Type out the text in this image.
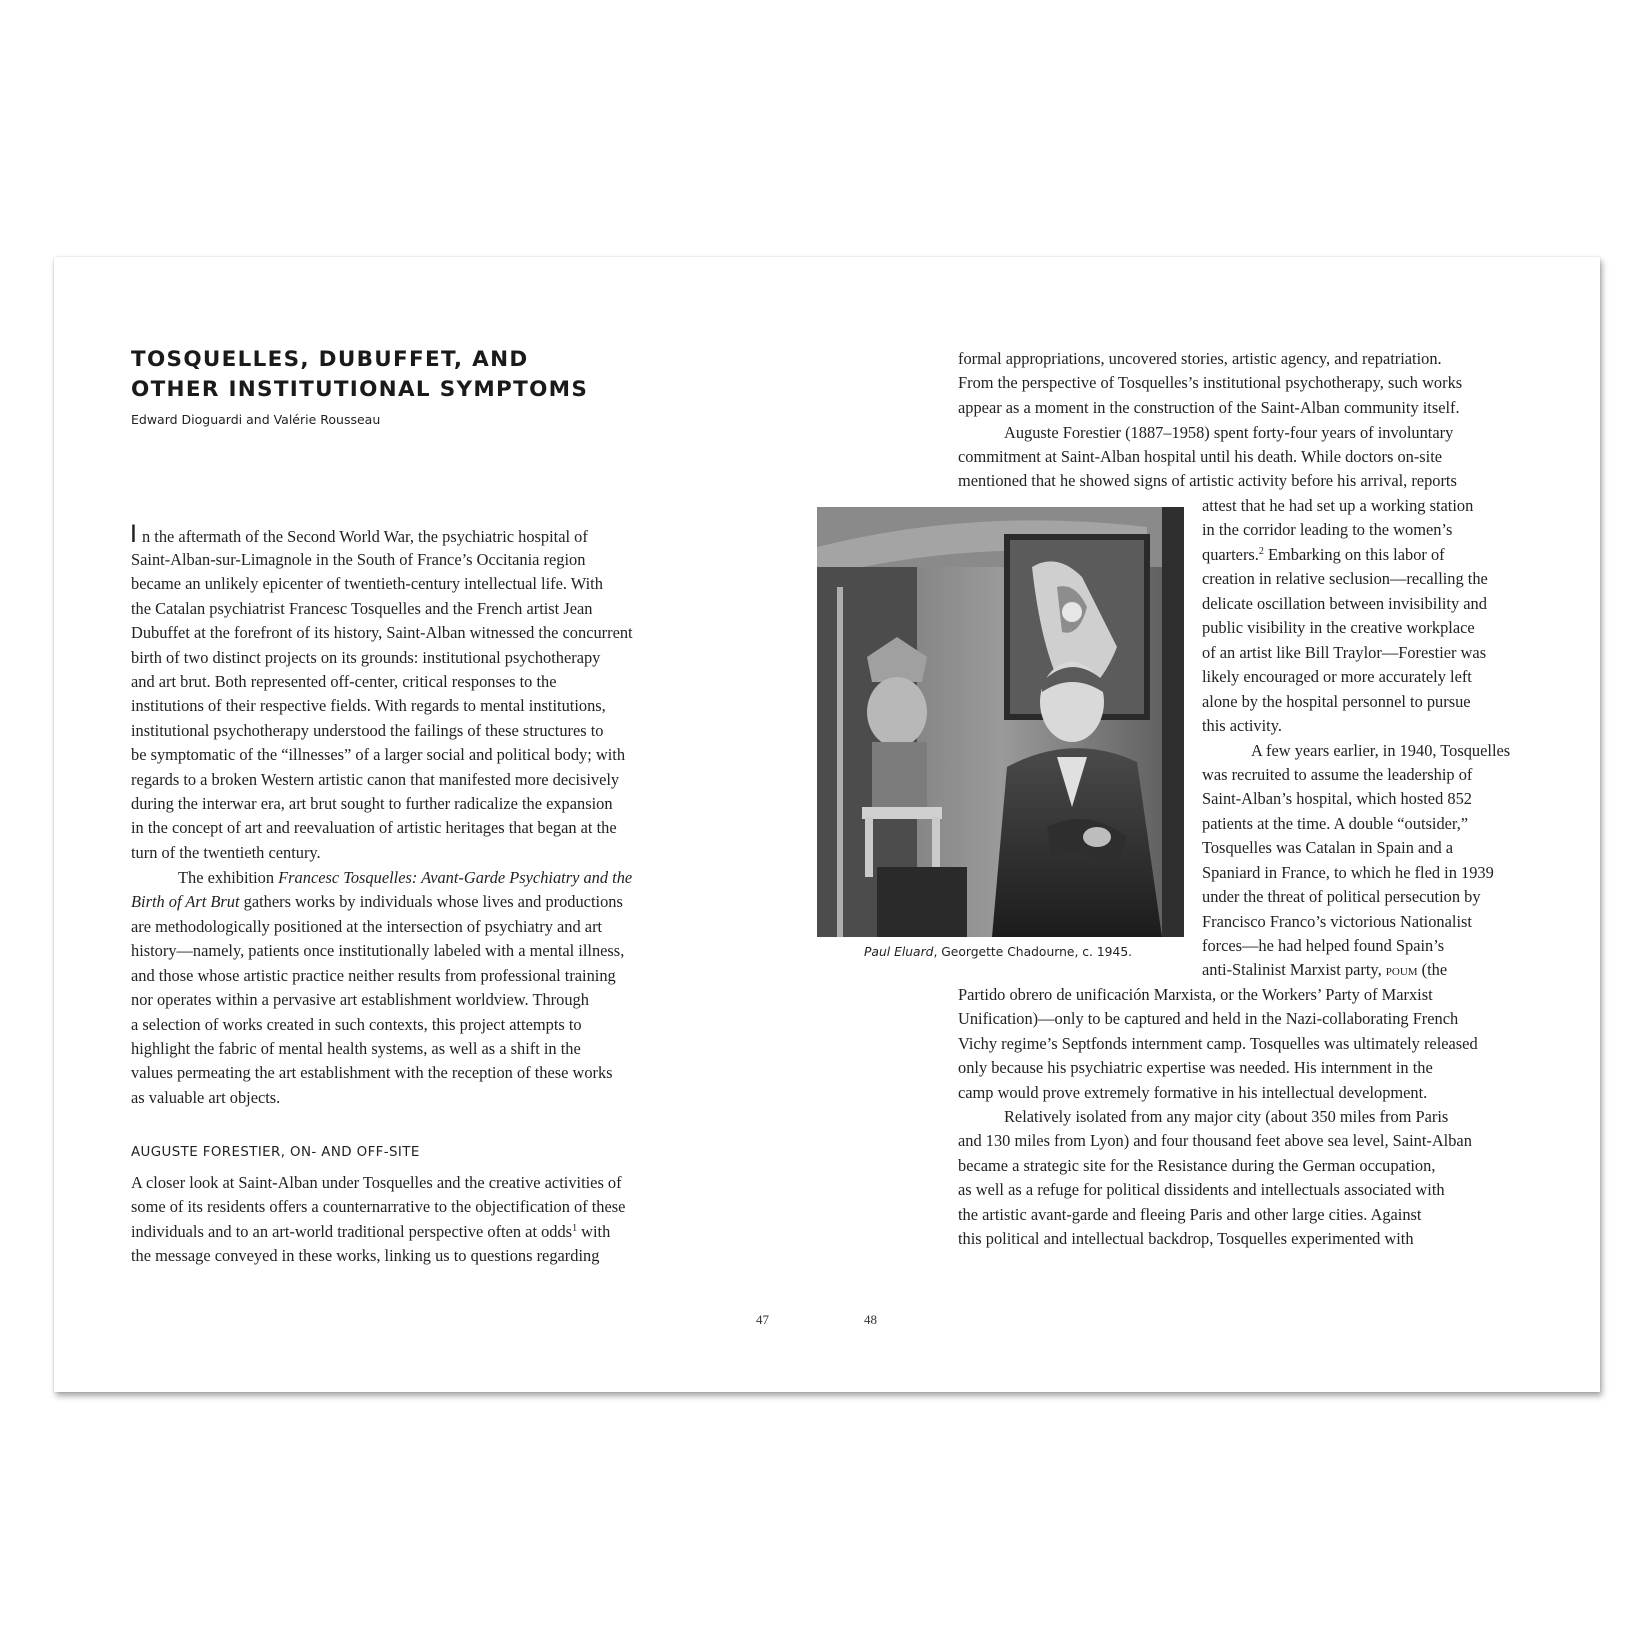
TOSQUELLES, DUBUFFET, AND
OTHER INSTITUTIONAL SYMPTOMS
Edward Dioguardi and Valérie Rousseau
I n the aftermath of the Second World War, the psychiatric hospital of
Saint-Alban-sur-Limagnole in the South of France’s Occitania region
became an unlikely epicenter of twentieth-century intellectual life. With
the Catalan psychiatrist Francesc Tosquelles and the French artist Jean
Dubuffet at the forefront of its history, Saint-Alban witnessed the concurrent
birth of two distinct projects on its grounds: institutional psychotherapy
and art brut. Both represented off-center, critical responses to the
institutions of their respective fields. With regards to mental institutions,
institutional psychotherapy understood the failings of these structures to
be symptomatic of the “illnesses” of a larger social and political body; with
regards to a broken Western artistic canon that manifested more decisively
during the interwar era, art brut sought to further radicalize the expansion
in the concept of art and reevaluation of artistic heritages that began at the
turn of the twentieth century.
The exhibition Francesc Tosquelles: Avant-Garde Psychiatry and the
Birth of Art Brut gathers works by individuals whose lives and productions
are methodologically positioned at the intersection of psychiatry and art
history—namely, patients once institutionally labeled with a mental illness,
and those whose artistic practice neither results from professional training
nor operates within a pervasive art establishment worldview. Through
a selection of works created in such contexts, this project attempts to
highlight the fabric of mental health systems, as well as a shift in the
values permeating the art establishment with the reception of these works
as valuable art objects.
AUGUSTE FORESTIER, ON- AND OFF-SITE
A closer look at Saint-Alban under Tosquelles and the creative activities of
some of its residents offers a counternarrative to the objectification of these
individuals and to an art-world traditional perspective often at odds$^1$ with
the message conveyed in these works, linking us to questions regarding
47
formal appropriations, uncovered stories, artistic agency, and repatriation.
From the perspective of Tosquelles’s institutional psychotherapy, such works
appear as a moment in the construction of the Saint-Alban community itself.
Auguste Forestier (1887–1958) spent forty-four years of involuntary
commitment at Saint-Alban hospital until his death. While doctors on-site
mentioned that he showed signs of artistic activity before his arrival, reports
Paul Eluard, Georgette Chadourne, c. 1945.
attest that he had set up a working station
in the corridor leading to the women’s
quarters.$^2$ Embarking on this labor of
creation in relative seclusion—recalling the
delicate oscillation between invisibility and
public visibility in the creative workplace
of an artist like Bill Traylor—Forestier was
likely encouraged or more accurately left
alone by the hospital personnel to pursue
this activity.
A few years earlier, in 1940, Tosquelles
was recruited to assume the leadership of
Saint-Alban’s hospital, which hosted 852
patients at the time. A double “outsider,”
Tosquelles was Catalan in Spain and a
Spaniard in France, to which he fled in 1939
under the threat of political persecution by
Francisco Franco’s victorious Nationalist
forces—he had helped found Spain’s
anti-Stalinist Marxist party, poum (the
Partido obrero de unificación Marxista, or the Workers’ Party of Marxist
Unification)—only to be captured and held in the Nazi-collaborating French
Vichy regime’s Septfonds internment camp. Tosquelles was ultimately released
only because his psychiatric expertise was needed. His internment in the
camp would prove extremely formative in his intellectual development.
Relatively isolated from any major city (about 350 miles from Paris
and 130 miles from Lyon) and four thousand feet above sea level, Saint-Alban
became a strategic site for the Resistance during the German occupation,
as well as a refuge for political dissidents and intellectuals associated with
the artistic avant-garde and fleeing Paris and other large cities. Against
this political and intellectual backdrop, Tosquelles experimented with
48
